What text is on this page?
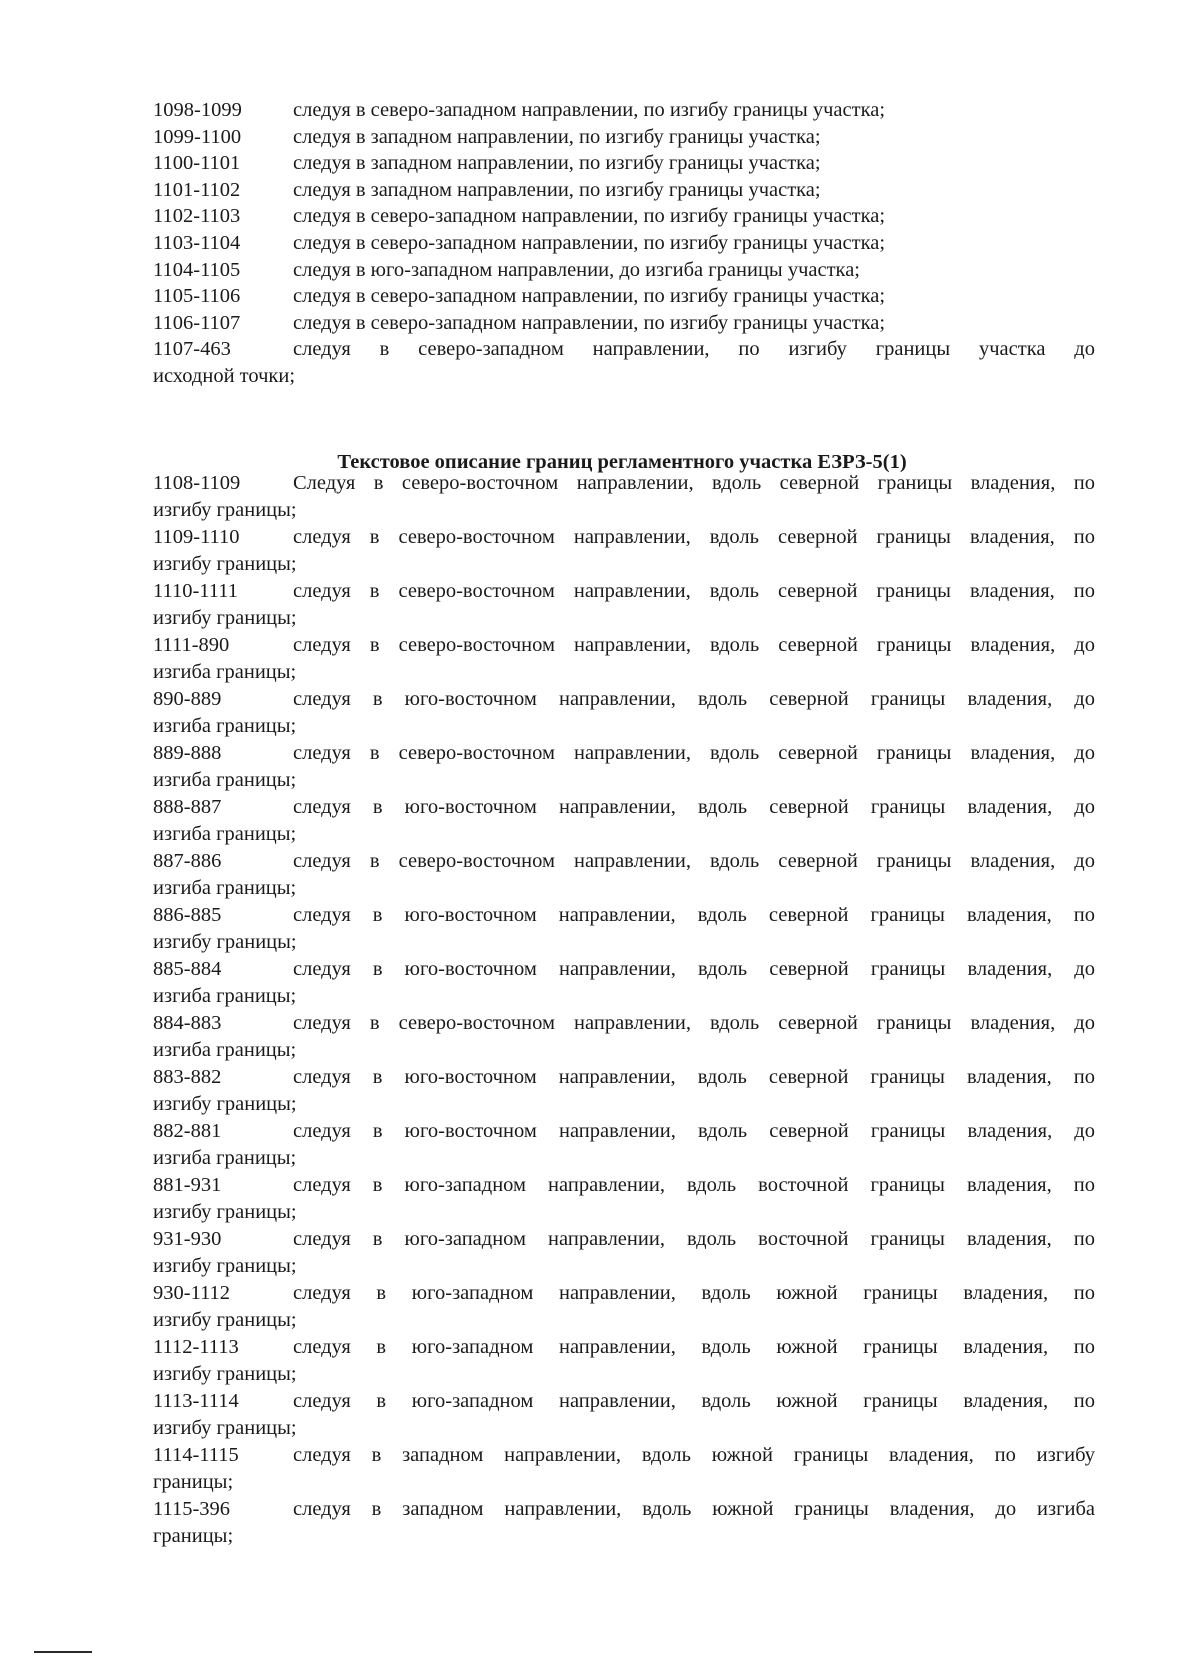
1098-1099 следуя в северо-западном направлении, по изгибу границы участка;
1099-1100	следуя в западном направлении, по изгибу границы участка;
1100-1101	следуя в западном направлении, по изгибу границы участка;
1101-1102	следуя в западном направлении, по изгибу границы участка;
1102-1103	следуя в северо-западном направлении, по изгибу границы участка;
1103-1104	следуя в северо-западном направлении, по изгибу границы участка;
1104-1105	следуя в юго-западном направлении, до изгиба границы участка;
1105-1106	следуя в северо-западном направлении, по изгибу границы участка;
1106-1107	следуя в северо-западном направлении, по изгибу границы участка;
1107-463	следуя в северо-западном направлении, по изгибу границы участка до
исходной точки;
Текстовое описание границ регламентного участка ЕЗРЗ-5(1)
1108-1109	Следуя в северо-восточном направлении, вдоль северной границы владения, по
изгибу границы;
1109-1110	следуя в северо-восточном направлении, вдоль северной границы владения, по
изгибу границы;
1110-1111	следуя в северо-восточном направлении, вдоль северной границы владения, по
изгибу границы;
1111-890	следуя в северо-восточном направлении, вдоль северной границы владения, до
изгиба границы;
890-889	следуя в юго-восточном направлении, вдоль северной границы владения, до
изгиба границы;
889-888	следуя в северо-восточном направлении, вдоль северной границы владения, до
изгиба границы;
888-887	следуя в юго-восточном направлении, вдоль северной границы владения, до
изгиба границы;
887-886	следуя в северо-восточном направлении, вдоль северной границы владения, до
изгиба границы;
886-885	следуя в юго-восточном направлении, вдоль северной границы владения, по
изгибу границы;
885-884	следуя в юго-восточном направлении, вдоль северной границы владения, до
изгиба границы;
884-883	следуя в северо-восточном направлении, вдоль северной границы владения, до
изгиба границы;
883-882	следуя в юго-восточном направлении, вдоль северной границы владения, по
изгибу границы;
882-881	следуя в юго-восточном направлении, вдоль северной границы владения, до
изгиба границы;
881-931	следуя в юго-западном направлении, вдоль восточной границы владения, по
изгибу границы;
931-930	следуя в юго-западном направлении, вдоль восточной границы владения, по
изгибу границы;
930-1112	следуя в юго-западном направлении, вдоль южной границы владения, по
изгибу границы;
1112-1113	следуя в юго-западном направлении, вдоль южной границы владения, по
изгибу границы;
1113-1114	следуя в юго-западном направлении, вдоль южной границы владения, по
изгибу границы;
1114-1115	следуя в западном направлении, вдоль южной границы владения, по изгибу
границы;
1115-396	следуя в западном направлении, вдоль южной границы владения, до изгиба
границы;
